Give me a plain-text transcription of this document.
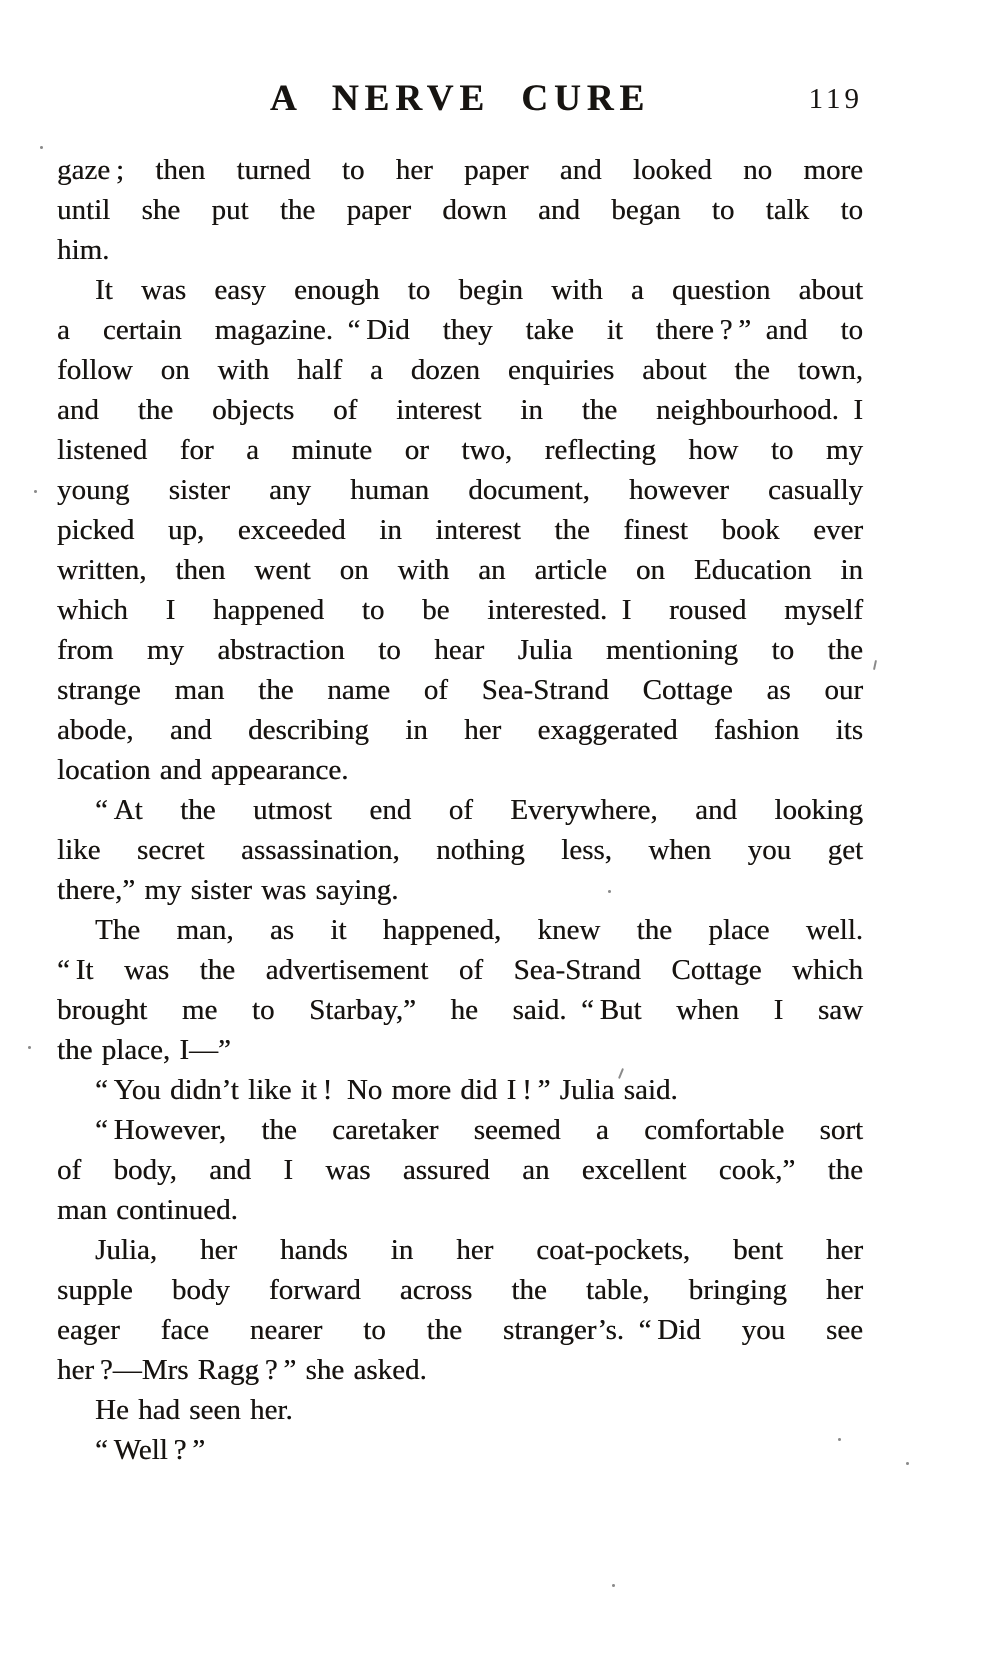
A NERVE CURE	119
gaze ; then turned to her paper and looked no more
until she put the paper down and began to talk to
him.
It was easy enough to begin with a question about
a certain magazine. “ Did they take it there ? ” and to
follow on with half a dozen enquiries about the town,
and the objects of interest in the neighbourhood. I
listened for a minute or two, reflecting how to my
young sister any human document, however casually
picked up, exceeded in interest the finest book ever
written, then went on with an article on Education in
which I happened to be interested. I roused myself
from my abstraction to hear Julia mentioning to the
strange man the name of Sea-Strand Cottage as our
abode, and describing in her exaggerated fashion its
location and appearance.
“ At the utmost end of Everywhere, and looking
like secret assassination, nothing less, when you get
there,” my sister was saying.
The man, as it happened, knew the place well.
“ It was the advertisement of Sea-Strand Cottage which
brought me to Starbay,” he said. “ But when I saw
the place, I—”
“ You didn’t like it ! No more did I ! ” Julia said.
“ However, the caretaker seemed a comfortable sort
of body, and I was assured an excellent cook,” the
man continued.
Julia, her hands in her coat-pockets, bent her
supple body forward across the table, bringing her
eager face nearer to the stranger’s. “ Did you see
her ?—Mrs Ragg ? ” she asked.
He had seen her.
“ Well ? ”
